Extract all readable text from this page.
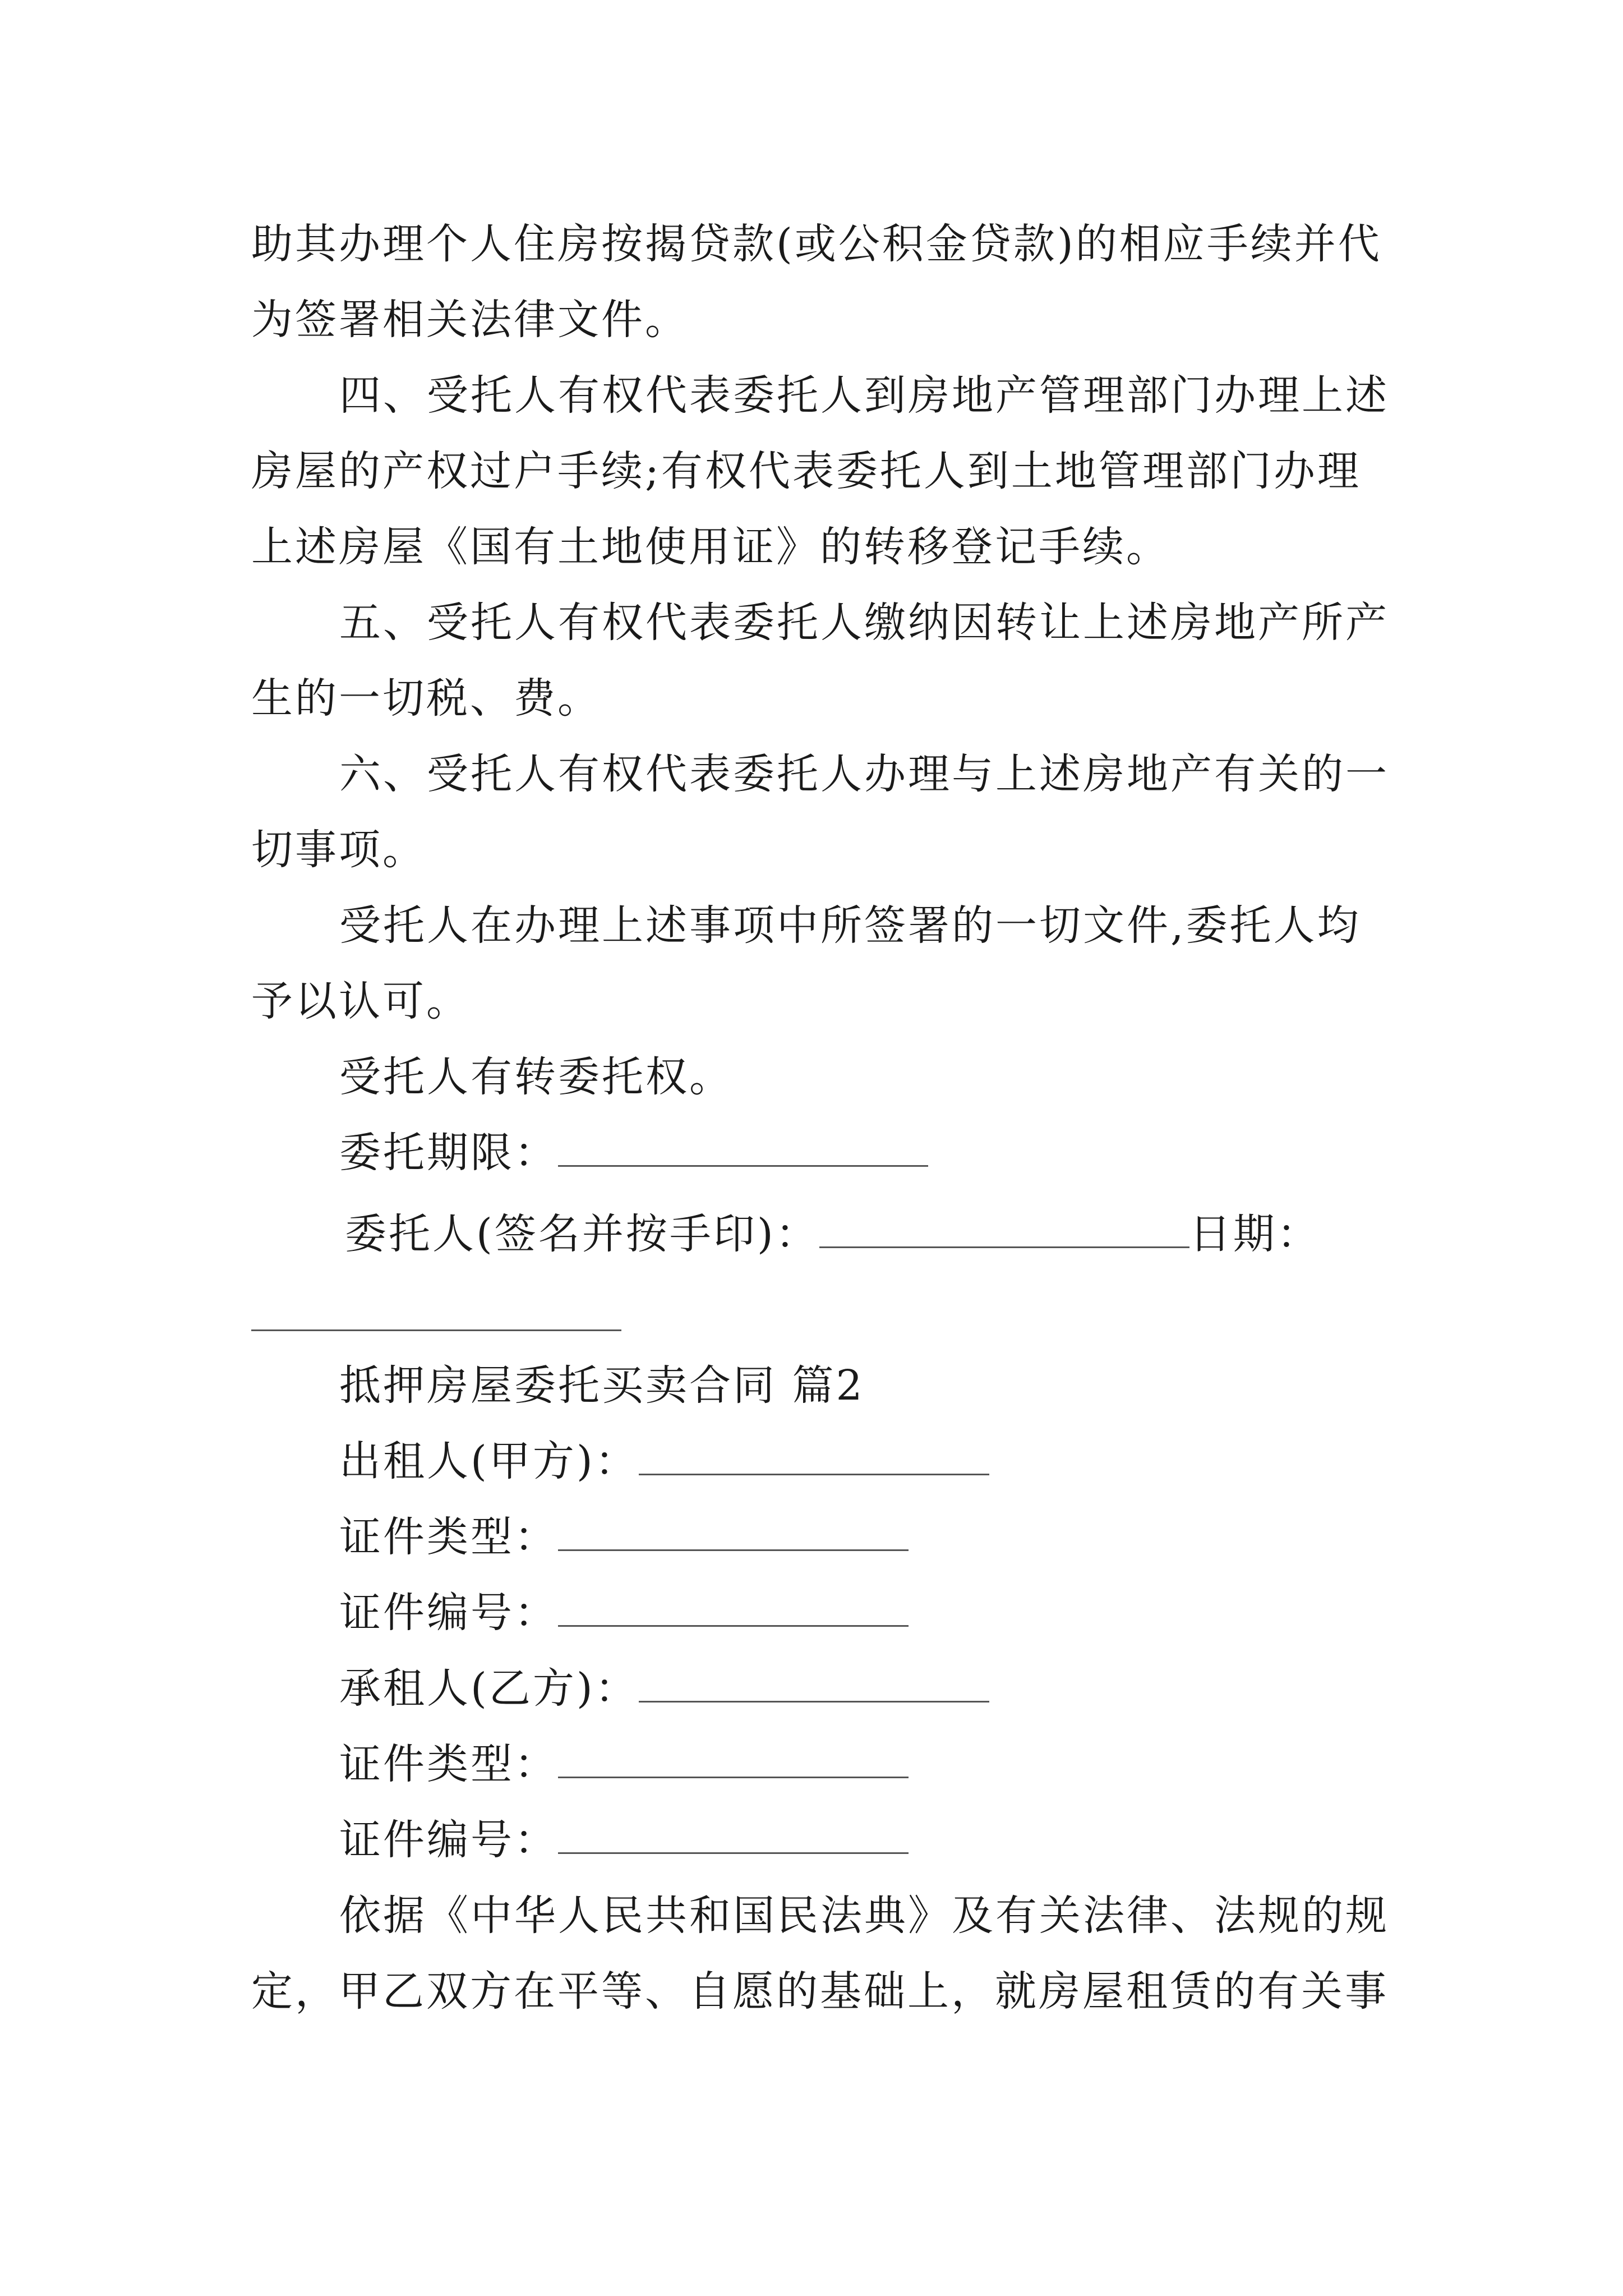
助其办理个人住房按揭贷款(或公积金贷款)的相应手续并代
为签署相关法律文件。
四、受托人有权代表委托人到房地产管理部门办理上述
房屋的产权过户手续;有权代表委托人到土地管理部门办理
上述房屋《国有土地使用证》的转移登记手续。
五、受托人有权代表委托人缴纳因转让上述房地产所产
生的一切税、费。
六、受托人有权代表委托人办理与上述房地产有关的一
切事项。
受托人在办理上述事项中所签署的一切文件,委托人均
予以认可。
受托人有转委托权。
委托期限：
委托人(签名并按手印)：	日期：
抵押房屋委托买卖合同 篇2
出租人(甲方)：
证件类型：
证件编号：
承租人(乙方)：
证件类型：
证件编号：
依据《中华人民共和国民法典》及有关法律、法规的规
定，甲乙双方在平等、自愿的基础上，就房屋租赁的有关事
